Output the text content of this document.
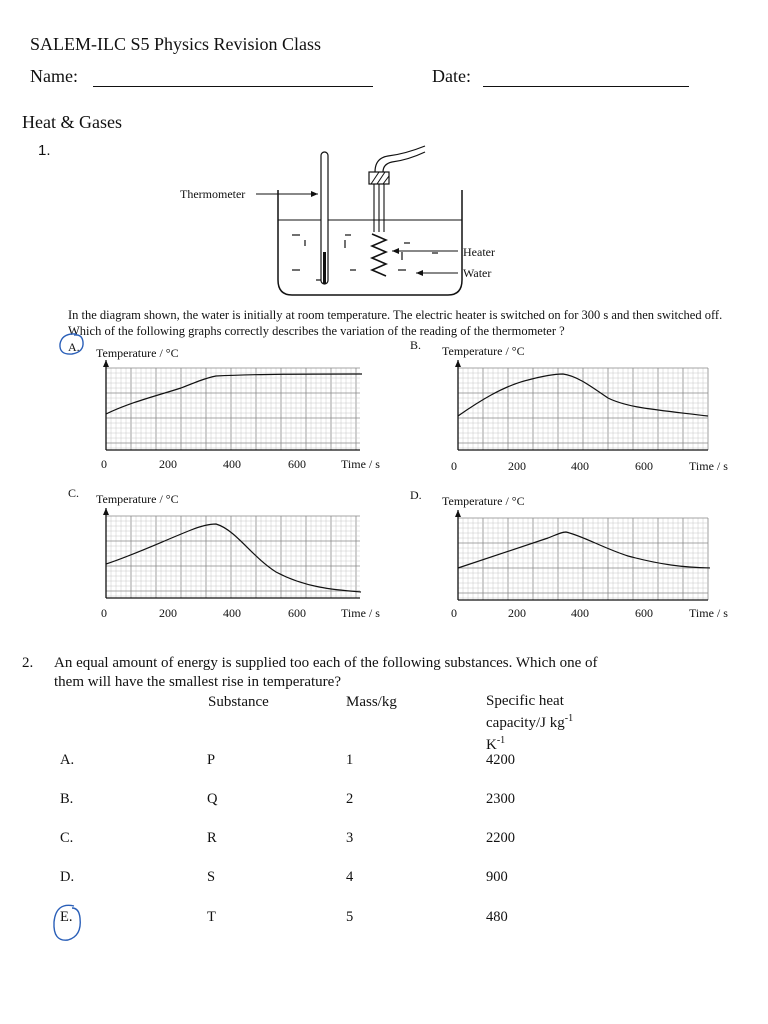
SALEM-ILC S5 Physics Revision Class
Name:	Date:
Heat & Gases
1.
Thermometer
Heater
Water
In the diagram shown, the water is initially at room temperature. The electric heater is switched on for 300 s and then switched off. Which of the following graphs correctly describes the variation of the reading of the thermometer ?
A. Temperature / °C
0	200	400	600	Time / s
B. Temperature / °C
0	200	400	600	Time / s
C. Temperature / °C
0	200	400	600	Time / s
D. Temperature / °C
0	200	400	600	Time / s
2. An equal amount of energy is supplied too each of the following substances. Which one of
them will have the smallest rise in temperature?
Substance	Mass/kg	Specific heat
capacity/J $kg^{-1}$
$K^{-1}$
A.	P	1	4200
B.	Q	2	2300
C.	R	3	2200
D.	S	4	900
E.	T	5	480
